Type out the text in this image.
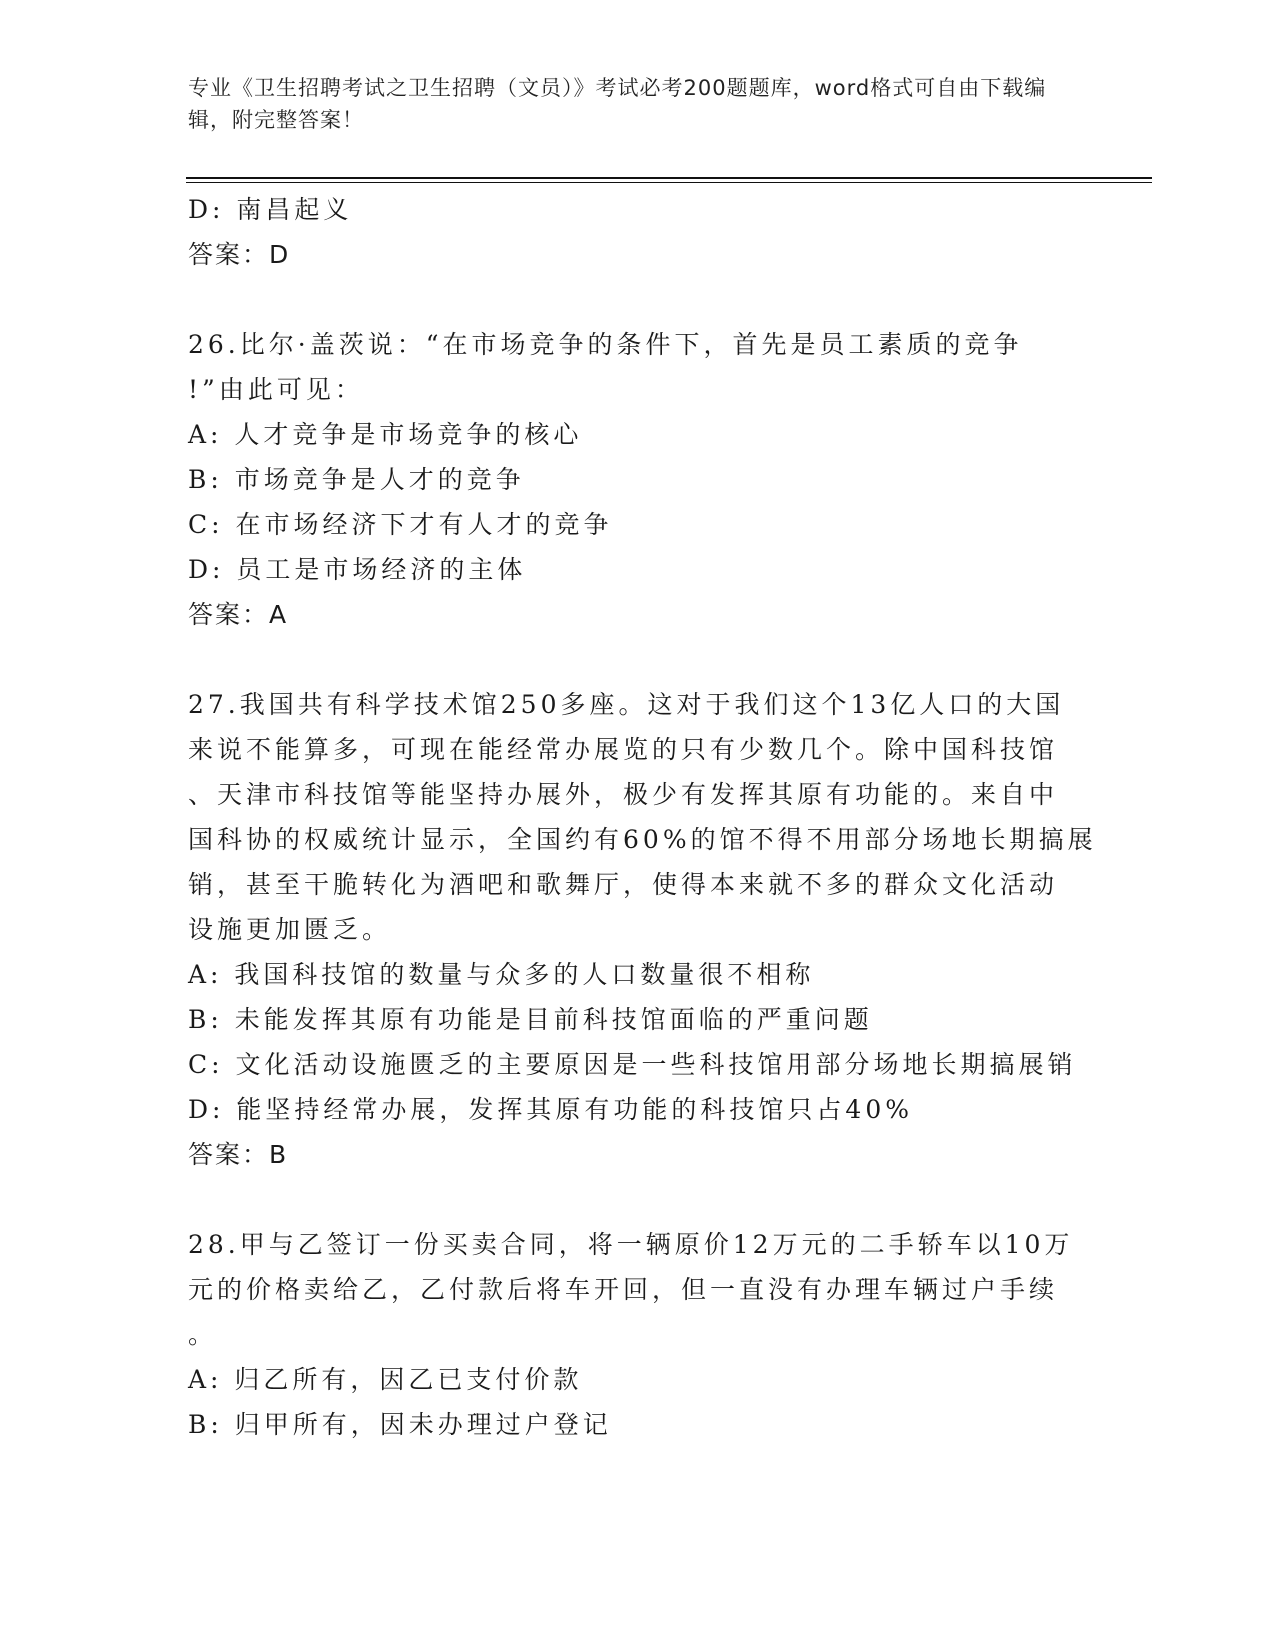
专业《卫生招聘考试之卫生招聘（文员）》考试必考200题题库，word格式可自由下载编辑，附完整答案！
D: 南昌起义
答案：D
26.比尔·盖茨说：“在市场竞争的条件下，首先是员工素质的竞争
!”由此可见：
A: 人才竞争是市场竞争的核心
B: 市场竞争是人才的竞争
C: 在市场经济下才有人才的竞争
D: 员工是市场经济的主体
答案：A
27.我国共有科学技术馆250多座。这对于我们这个13亿人口的大国
来说不能算多，可现在能经常办展览的只有少数几个。除中国科技馆
、天津市科技馆等能坚持办展外，极少有发挥其原有功能的。来自中
国科协的权威统计显示，全国约有60%的馆不得不用部分场地长期搞展
销，甚至干脆转化为酒吧和歌舞厅，使得本来就不多的群众文化活动
设施更加匮乏。
A: 我国科技馆的数量与众多的人口数量很不相称
B: 未能发挥其原有功能是目前科技馆面临的严重问题
C: 文化活动设施匮乏的主要原因是一些科技馆用部分场地长期搞展销
D: 能坚持经常办展，发挥其原有功能的科技馆只占40%
答案：B
28.甲与乙签订一份买卖合同，将一辆原价12万元的二手轿车以10万
元的价格卖给乙，乙付款后将车开回，但一直没有办理车辆过户手续
。
A: 归乙所有，因乙已支付价款
B: 归甲所有，因未办理过户登记
